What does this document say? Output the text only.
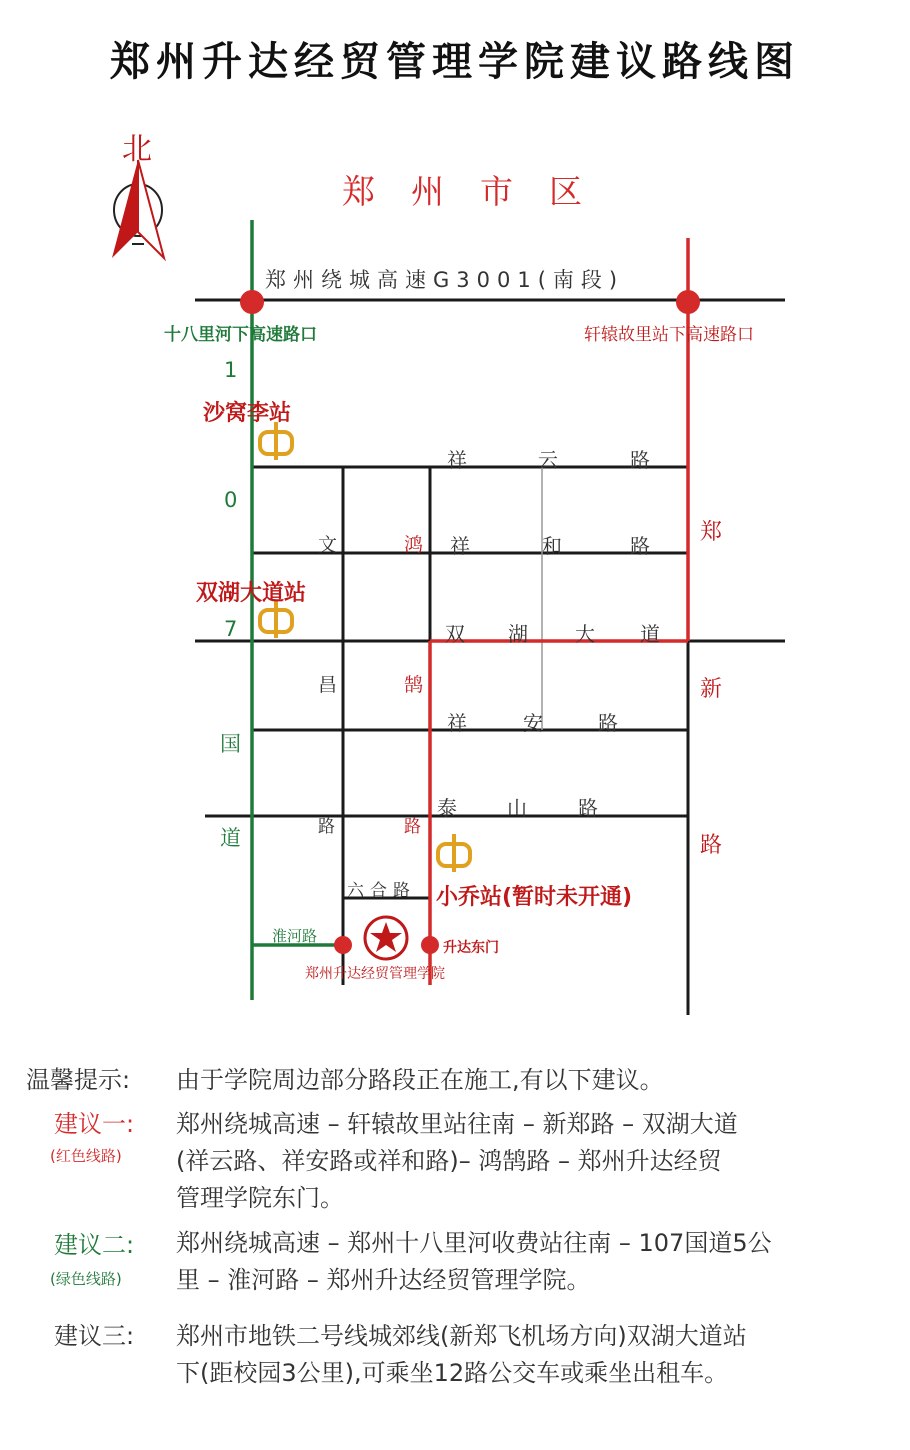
郑州升达经贸管理学院建议路线图
北
郑州市区
郑州绕城高速G3001(南段)
祥	云	路
祥	和	路
双 湖 大 道
祥	安	路
泰	山	路
六合路
淮河路
文
昌
路
鸿
鹄
路
郑
新
路
1
0
7
国
道
十八里河下高速路口	轩辕故里站下高速路口
沙窝李站
双湖大道站
小乔站(暂时未开通)
升达东门
郑州升达经贸管理学院
温馨提示: 由于学院周边部分路段正在施工,有以下建议。
建议一:
(红色线路)
郑州绕城高速 – 轩辕故里站往南 – 新郑路 – 双湖大道
(祥云路、祥安路或祥和路)– 鸿鹄路 – 郑州升达经贸
管理学院东门。
建议二:
(绿色线路)
郑州绕城高速 – 郑州十八里河收费站往南 – 107国道5公
里 – 淮河路 – 郑州升达经贸管理学院。
建议三: 郑州市地铁二号线城郊线(新郑飞机场方向)双湖大道站
下(距校园3公里),可乘坐12路公交车或乘坐出租车。
